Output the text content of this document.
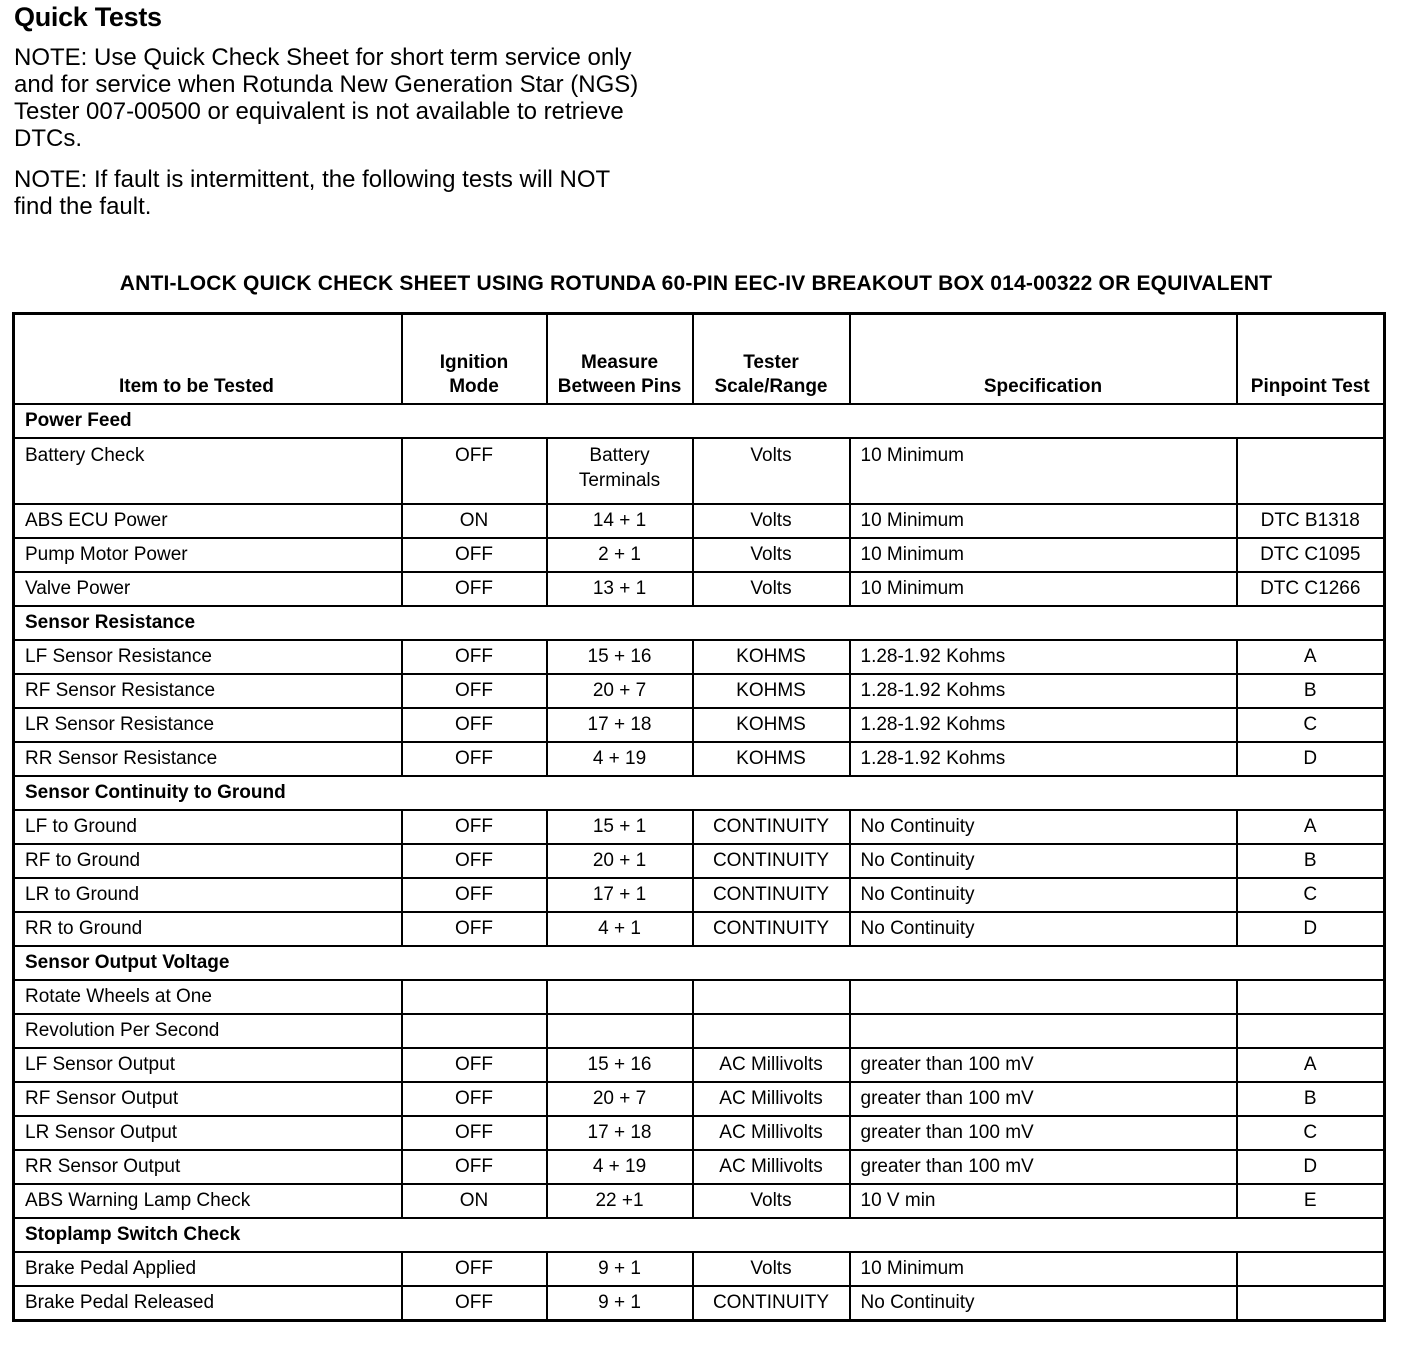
Quick Tests
NOTE: Use Quick Check Sheet for short term service only and for service when Rotunda New Generation Star (NGS) Tester 007-00500 or equivalent is not available to retrieve DTCs.
NOTE: If fault is intermittent, the following tests will NOT find the fault.
ANTI-LOCK QUICK CHECK SHEET USING ROTUNDA 60-PIN EEC-IV BREAKOUT BOX 014-00322 OR EQUIVALENT
Item to be Tested	Ignition Mode	Measure Between Pins	Tester Scale/Range	Specification	Pinpoint Test
Power Feed					
Battery Check	OFF	Battery Terminals	Volts	10 Minimum	
ABS ECU Power	ON	14 + 1	Volts	10 Minimum	DTC B1318
Pump Motor Power	OFF	2 + 1	Volts	10 Minimum	DTC C1095
Valve Power	OFF	13 + 1	Volts	10 Minimum	DTC C1266
Sensor Resistance					
LF Sensor Resistance	OFF	15 + 16	KOHMS	1.28-1.92 Kohms	A
RF Sensor Resistance	OFF	20 + 7	KOHMS	1.28-1.92 Kohms	B
LR Sensor Resistance	OFF	17 + 18	KOHMS	1.28-1.92 Kohms	C
RR Sensor Resistance	OFF	4 + 19	KOHMS	1.28-1.92 Kohms	D
Sensor Continuity to Ground					
LF to Ground	OFF	15 + 1	CONTINUITY	No Continuity	A
RF to Ground	OFF	20 + 1	CONTINUITY	No Continuity	B
LR to Ground	OFF	17 + 1	CONTINUITY	No Continuity	C
RR to Ground	OFF	4 + 1	CONTINUITY	No Continuity	D
Sensor Output Voltage					
Rotate Wheels at One					
Revolution Per Second					
LF Sensor Output	OFF	15 + 16	AC Millivolts	greater than 100 mV	A
RF Sensor Output	OFF	20 + 7	AC Millivolts	greater than 100 mV	B
LR Sensor Output	OFF	17 + 18	AC Millivolts	greater than 100 mV	C
RR Sensor Output	OFF	4 + 19	AC Millivolts	greater than 100 mV	D
ABS Warning Lamp Check	ON	22 +1	Volts	10 V min	E
Stoplamp Switch Check					
Brake Pedal Applied	OFF	9 + 1	Volts	10 Minimum	
Brake Pedal Released	OFF	9 + 1	CONTINUITY	No Continuity	
